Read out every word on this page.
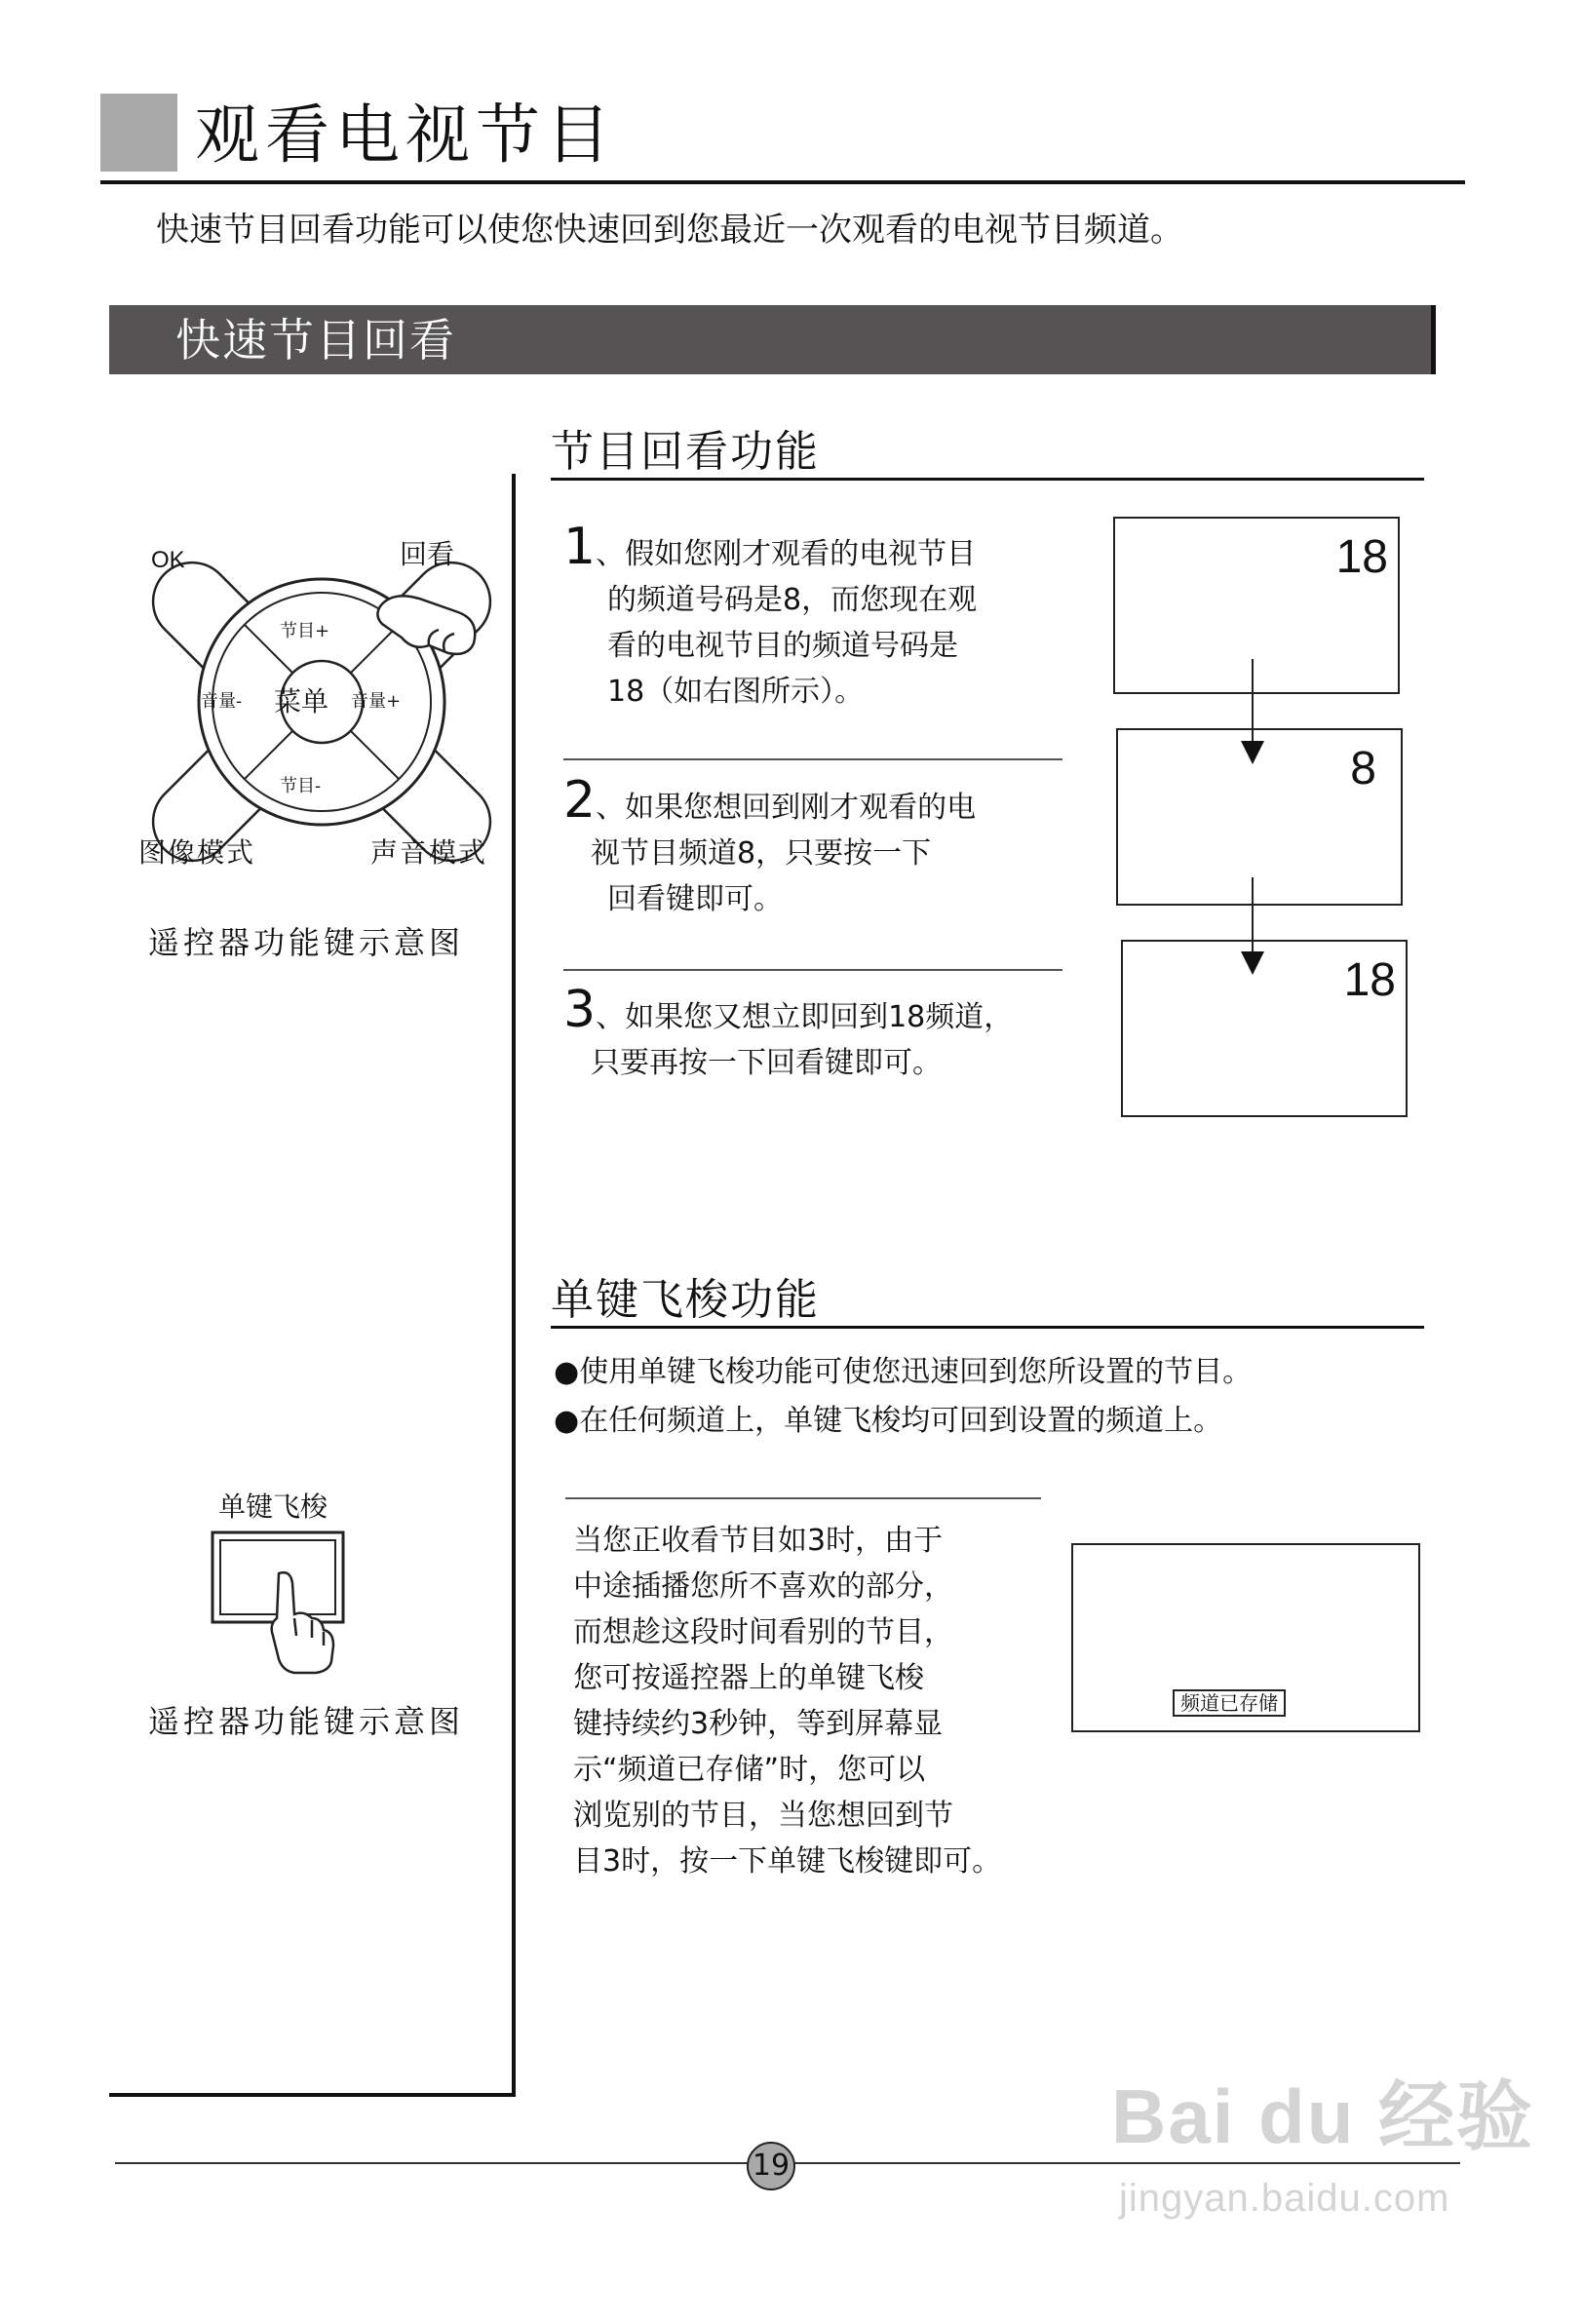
观看电视节目
快速节目回看功能可以使您快速回到您最近一次观看的电视节目频道。
快速节目回看
OK	回看
节目+
节目-
音量-	音量+
菜单
图像模式	声音模式
遥控器功能键示意图
节目回看功能
1、假如您刚才观看的电视节目
的频道号码是8，而您现在观
看的电视节目的频道号码是
18（如右图所示）。
2、如果您想回到刚才观看的电
视节目频道8，只要按一下
回看键即可。
3、如果您又想立即回到18频道，
只要再按一下回看键即可。
18
8
18
单键飞梭功能
●使用单键飞梭功能可使您迅速回到您所设置的节目。
●在任何频道上，单键飞梭均可回到设置的频道上。
当您正收看节目如3时，由于
中途插播您所不喜欢的部分，
而想趁这段时间看别的节目，
您可按遥控器上的单键飞梭
键持续约3秒钟，等到屏幕显
示“频道已存储”时，您可以
浏览别的节目，当您想回到节
目3时，按一下单键飞梭键即可。
频道已存储
单键飞梭
遥控器功能键示意图
19
Bai du 经验
jingyan.baidu.com
